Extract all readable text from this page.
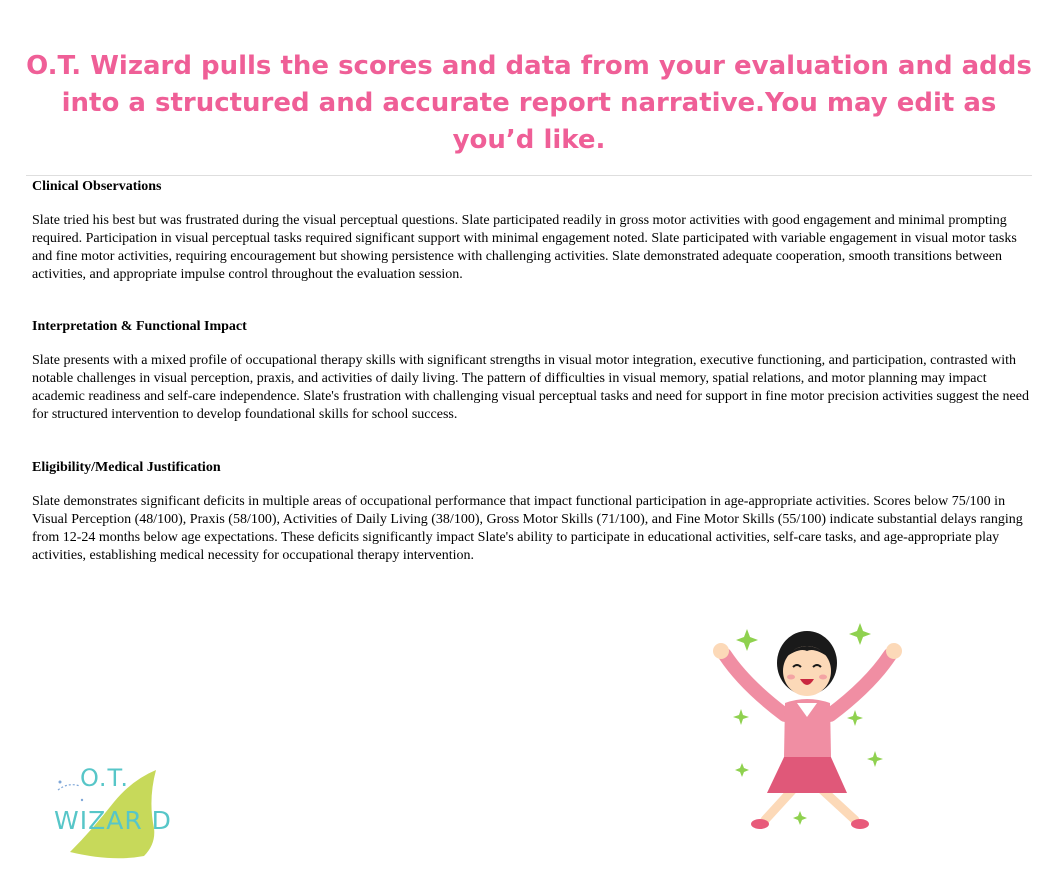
O.T. Wizard pulls the scores and data from your evaluation and adds into a structured and accurate report narrative.You may edit as you’d like.

Clinical Observations

Slate tried his best but was frustrated during the visual perceptual questions. Slate participated readily in gross motor activities with good engagement and minimal prompting required. Participation in visual perceptual tasks required significant support with minimal engagement noted. Slate participated with variable engagement in visual motor tasks and fine motor activities, requiring encouragement but showing persistence with challenging activities. Slate demonstrated adequate cooperation, smooth transitions between activities, and appropriate impulse control throughout the evaluation session.

Interpretation & Functional Impact

Slate presents with a mixed profile of occupational therapy skills with significant strengths in visual motor integration, executive functioning, and participation, contrasted with notable challenges in visual perception, praxis, and activities of daily living. The pattern of difficulties in visual memory, spatial relations, and motor planning may impact academic readiness and self-care independence. Slate's frustration with challenging visual perceptual tasks and need for support in fine motor precision activities suggest the need for structured intervention to develop foundational skills for school success.

Eligibility/Medical Justification

Slate demonstrates significant deficits in multiple areas of occupational performance that impact functional participation in age-appropriate activities. Scores below 75/100 in Visual Perception (48/100), Praxis (58/100), Activities of Daily Living (38/100), Gross Motor Skills (71/100), and Fine Motor Skills (55/100) indicate substantial delays ranging from 12-24 months below age expectations. These deficits significantly impact Slate's ability to participate in educational activities, self-care tasks, and age-appropriate play activities, establishing medical necessity for occupational therapy intervention.

O.T.
WIZAR D
